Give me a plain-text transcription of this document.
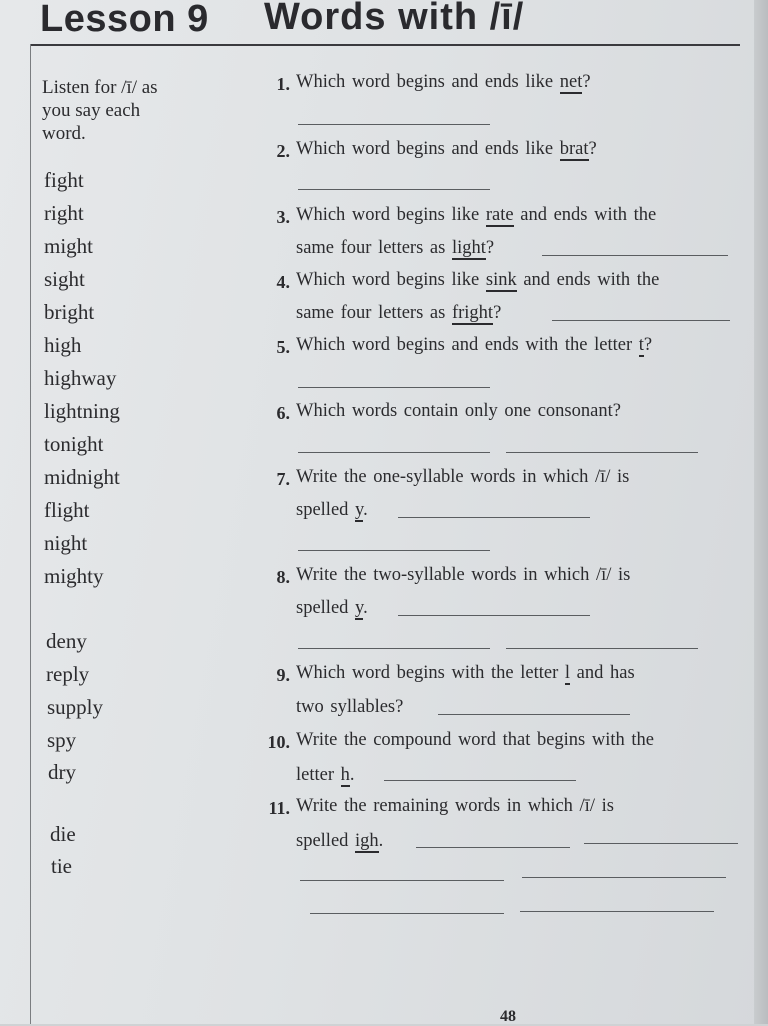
Lesson 9 Words with /ī/
Listen for /ī/ as
you say each
word.
fight
right
might
sight
bright
high
highway
lightning
tonight
midnight
flight
night
mighty
deny
reply
supply
spy
dry
die
tie
1. Which word begins and ends like net?
2. Which word begins and ends like brat?
3. Which word begins like rate and ends with the
same four letters as light?
4. Which word begins like sink and ends with the
same four letters as fright?
5. Which word begins and ends with the letter t?
6. Which words contain only one consonant?
7. Write the one-syllable words in which /ī/ is
spelled y.
8. Write the two-syllable words in which /ī/ is
spelled y.
9. Which word begins with the letter l and has
two syllables?
10. Write the compound word that begins with the
letter h.
11. Write the remaining words in which /ī/ is
spelled igh.
48
